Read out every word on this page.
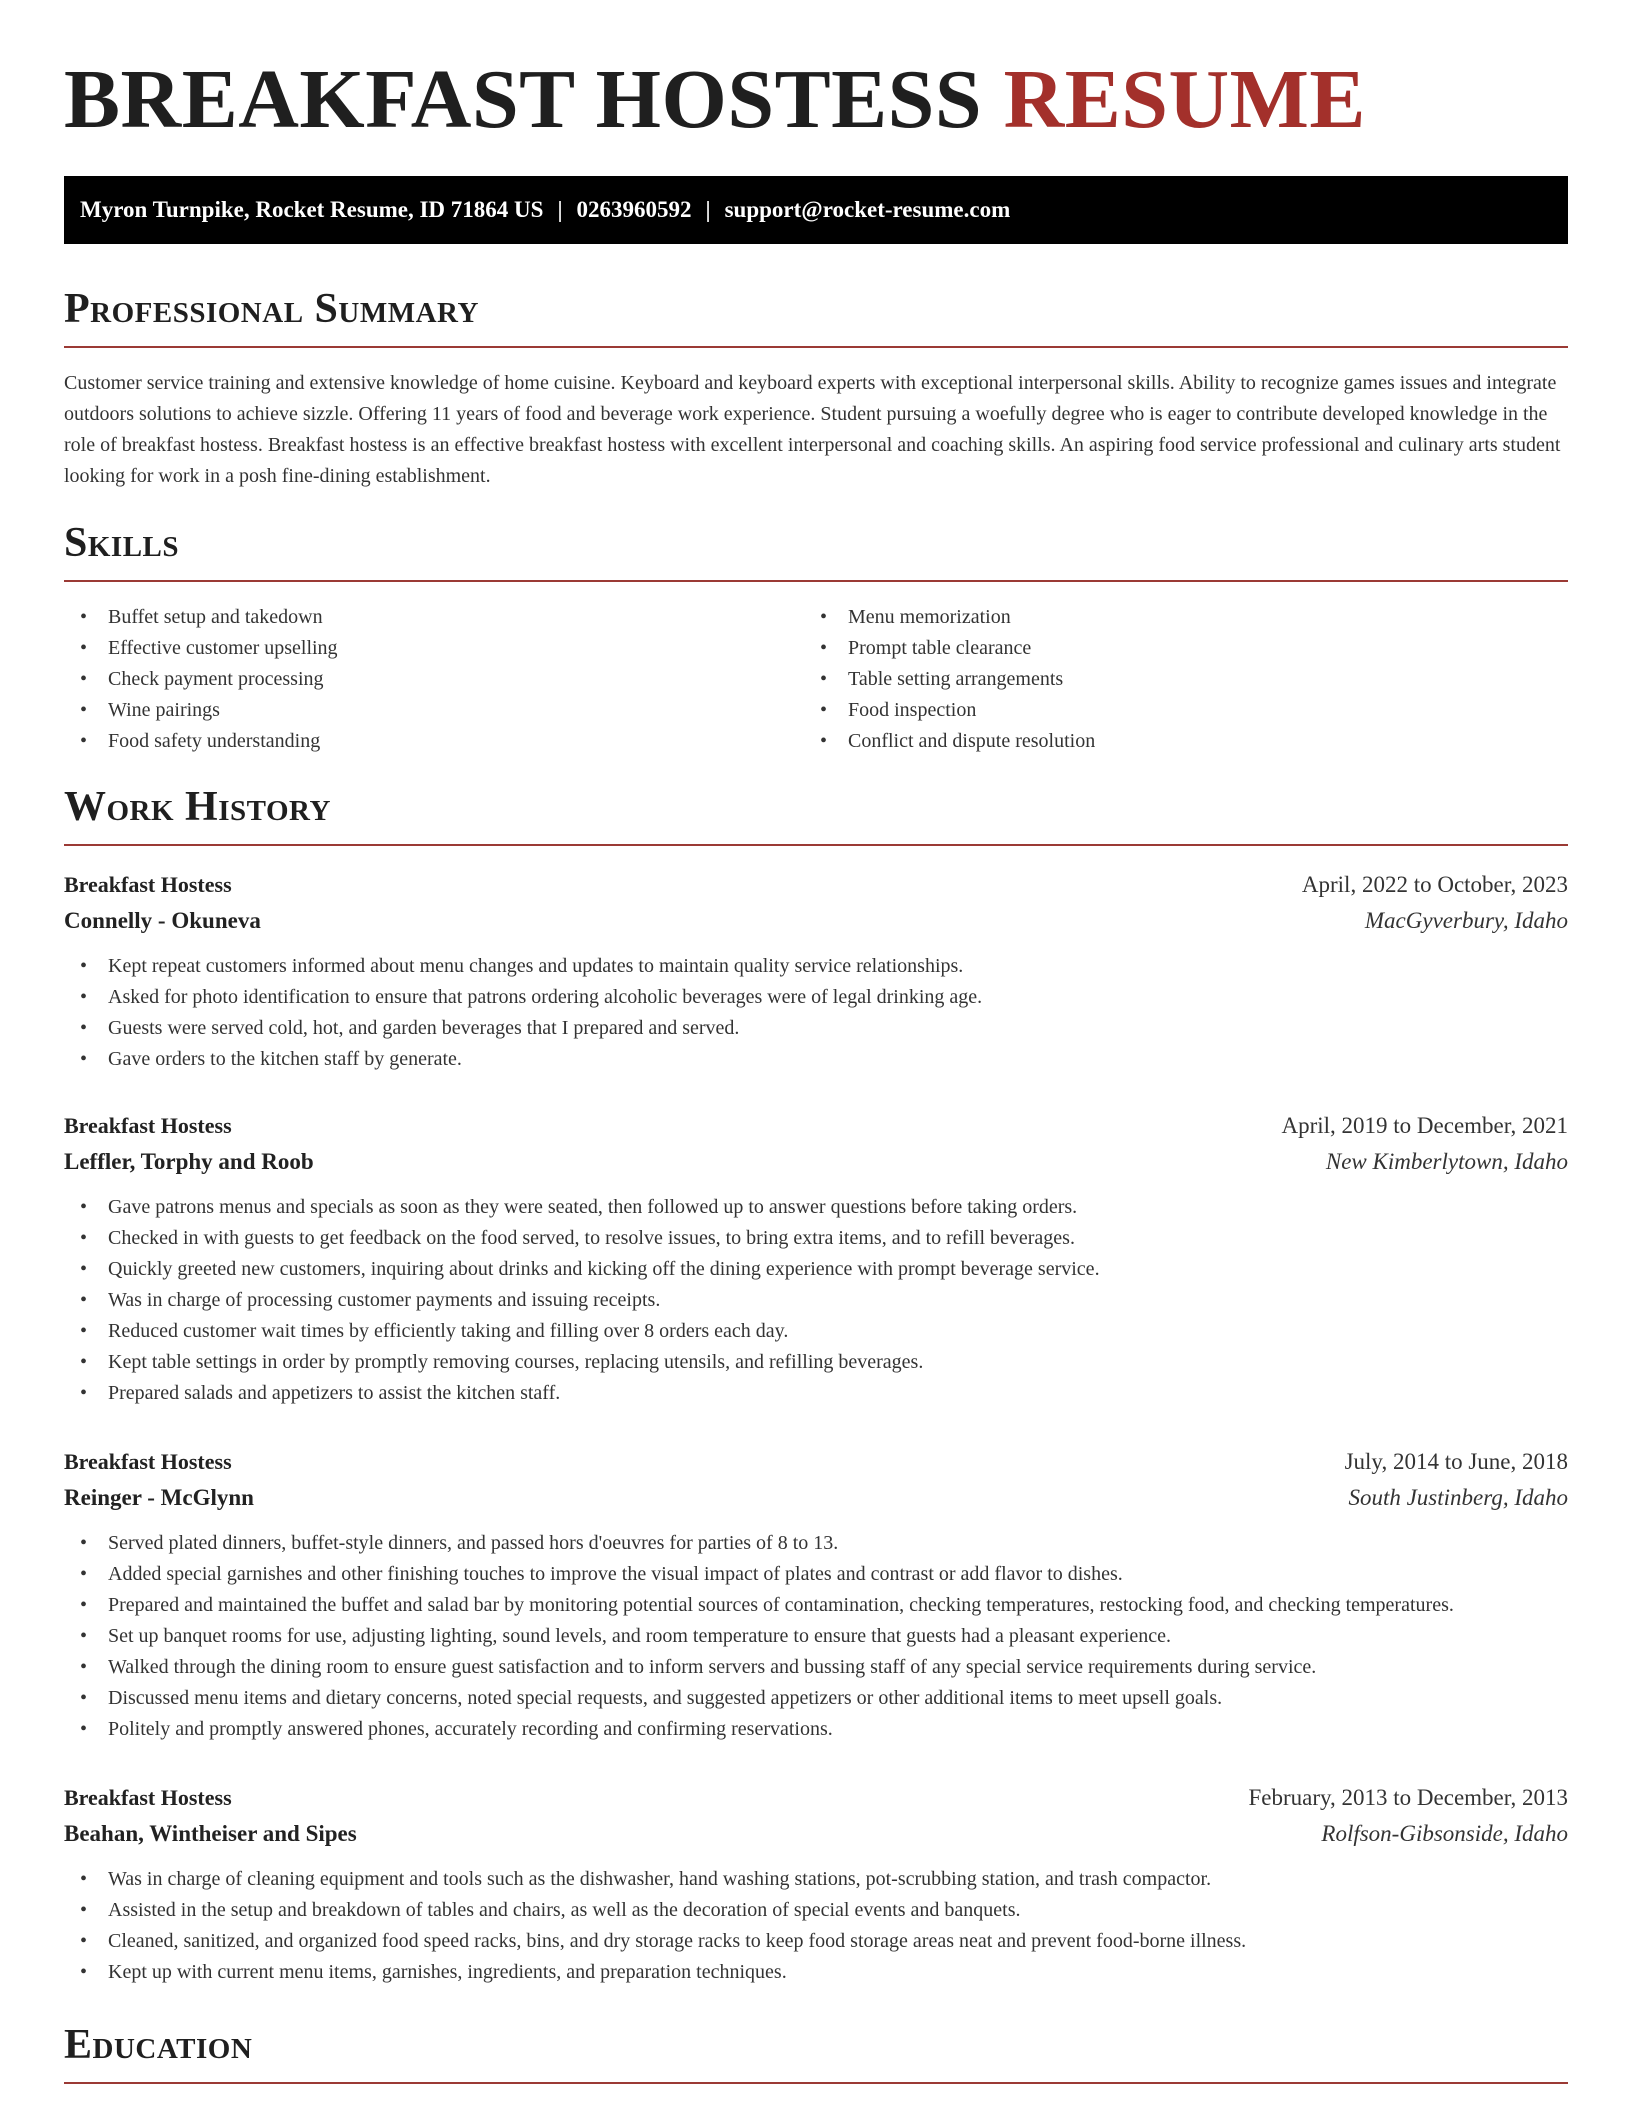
BREAKFAST HOSTESS RESUME
Myron Turnpike, Rocket Resume, ID 71864 US | 0263960592 | support@rocket-resume.com
Professional Summary

Customer service training and extensive knowledge of home cuisine. Keyboard and keyboard experts with exceptional interpersonal skills. Ability to recognize games issues and integrate outdoors solutions to achieve sizzle. Offering 11 years of food and beverage work experience. Student pursuing a woefully degree who is eager to contribute developed knowledge in the role of breakfast hostess. Breakfast hostess is an effective breakfast hostess with excellent interpersonal and coaching skills. An aspiring food service professional and culinary arts student looking for work in a posh fine-dining establishment.

Skills
• Buffet setup and takedown
• Effective customer upselling
• Check payment processing
• Wine pairings
• Food safety understanding
• Menu memorization
• Prompt table clearance
• Table setting arrangements
• Food inspection
• Conflict and dispute resolution
Work History
Breakfast Hostess	April, 2022 to October, 2023
Connelly - Okuneva	MacGyverbury, Idaho
• Kept repeat customers informed about menu changes and updates to maintain quality service relationships.
• Asked for photo identification to ensure that patrons ordering alcoholic beverages were of legal drinking age.
• Guests were served cold, hot, and garden beverages that I prepared and served.
• Gave orders to the kitchen staff by generate.
Breakfast Hostess	April, 2019 to December, 2021
Leffler, Torphy and Roob	New Kimberlytown, Idaho
• Gave patrons menus and specials as soon as they were seated, then followed up to answer questions before taking orders.
• Checked in with guests to get feedback on the food served, to resolve issues, to bring extra items, and to refill beverages.
• Quickly greeted new customers, inquiring about drinks and kicking off the dining experience with prompt beverage service.
• Was in charge of processing customer payments and issuing receipts.
• Reduced customer wait times by efficiently taking and filling over 8 orders each day.
• Kept table settings in order by promptly removing courses, replacing utensils, and refilling beverages.
• Prepared salads and appetizers to assist the kitchen staff.
Breakfast Hostess	July, 2014 to June, 2018
Reinger - McGlynn	South Justinberg, Idaho
• Served plated dinners, buffet-style dinners, and passed hors d'oeuvres for parties of 8 to 13.
• Added special garnishes and other finishing touches to improve the visual impact of plates and contrast or add flavor to dishes.
• Prepared and maintained the buffet and salad bar by monitoring potential sources of contamination, checking temperatures, restocking food, and checking temperatures.
• Set up banquet rooms for use, adjusting lighting, sound levels, and room temperature to ensure that guests had a pleasant experience.
• Walked through the dining room to ensure guest satisfaction and to inform servers and bussing staff of any special service requirements during service.
• Discussed menu items and dietary concerns, noted special requests, and suggested appetizers or other additional items to meet upsell goals.
• Politely and promptly answered phones, accurately recording and confirming reservations.
Breakfast Hostess	February, 2013 to December, 2013
Beahan, Wintheiser and Sipes	Rolfson-Gibsonside, Idaho
• Was in charge of cleaning equipment and tools such as the dishwasher, hand washing stations, pot-scrubbing station, and trash compactor.
• Assisted in the setup and breakdown of tables and chairs, as well as the decoration of special events and banquets.
• Cleaned, sanitized, and organized food speed racks, bins, and dry storage racks to keep food storage areas neat and prevent food-borne illness.
• Kept up with current menu items, garnishes, ingredients, and preparation techniques.
Education
